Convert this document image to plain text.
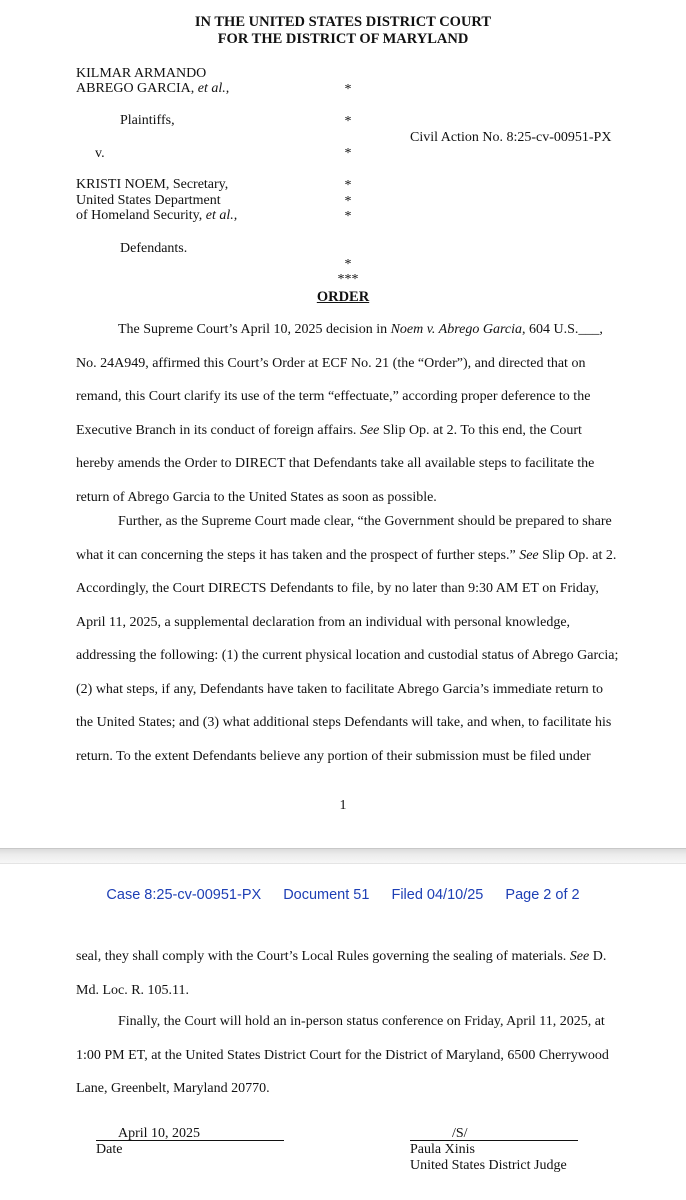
IN THE UNITED STATES DISTRICT COURT
FOR THE DISTRICT OF MARYLAND
KILMAR ARMANDO
ABREGO GARCIA, et al.,
Plaintiffs,
v.
KRISTI NOEM, Secretary,
United States Department
of Homeland Security, et al.,
Defendants.
*
*
*
*
*
*
*
***
Civil Action No. 8:25-cv-00951-PX
ORDER
The Supreme Court’s April 10, 2025 decision in Noem v. Abrego Garcia, 604 U.S.___,
No. 24A949, affirmed this Court’s Order at ECF No. 21 (the “Order”), and directed that on
remand, this Court clarify its use of the term “effectuate,” according proper deference to the
Executive Branch in its conduct of foreign affairs. See Slip Op. at 2. To this end, the Court
hereby amends the Order to DIRECT that Defendants take all available steps to facilitate the
return of Abrego Garcia to the United States as soon as possible.
Further, as the Supreme Court made clear, “the Government should be prepared to share
what it can concerning the steps it has taken and the prospect of further steps.” See Slip Op. at 2.
Accordingly, the Court DIRECTS Defendants to file, by no later than 9:30 AM ET on Friday,
April 11, 2025, a supplemental declaration from an individual with personal knowledge,
addressing the following: (1) the current physical location and custodial status of Abrego Garcia;
(2) what steps, if any, Defendants have taken to facilitate Abrego Garcia’s immediate return to
the United States; and (3) what additional steps Defendants will take, and when, to facilitate his
return. To the extent Defendants believe any portion of their submission must be filed under
1
Case 8:25-cv-00951-PX Document 51 Filed 04/10/25 Page 2 of 2
seal, they shall comply with the Court’s Local Rules governing the sealing of materials. See D.
Md. Loc. R. 105.11.
Finally, the Court will hold an in-person status conference on Friday, April 11, 2025, at
1:00 PM ET, at the United States District Court for the District of Maryland, 6500 Cherrywood
Lane, Greenbelt, Maryland 20770.
April 10, 2025
Date
/S/
Paula Xinis
United States District Judge
